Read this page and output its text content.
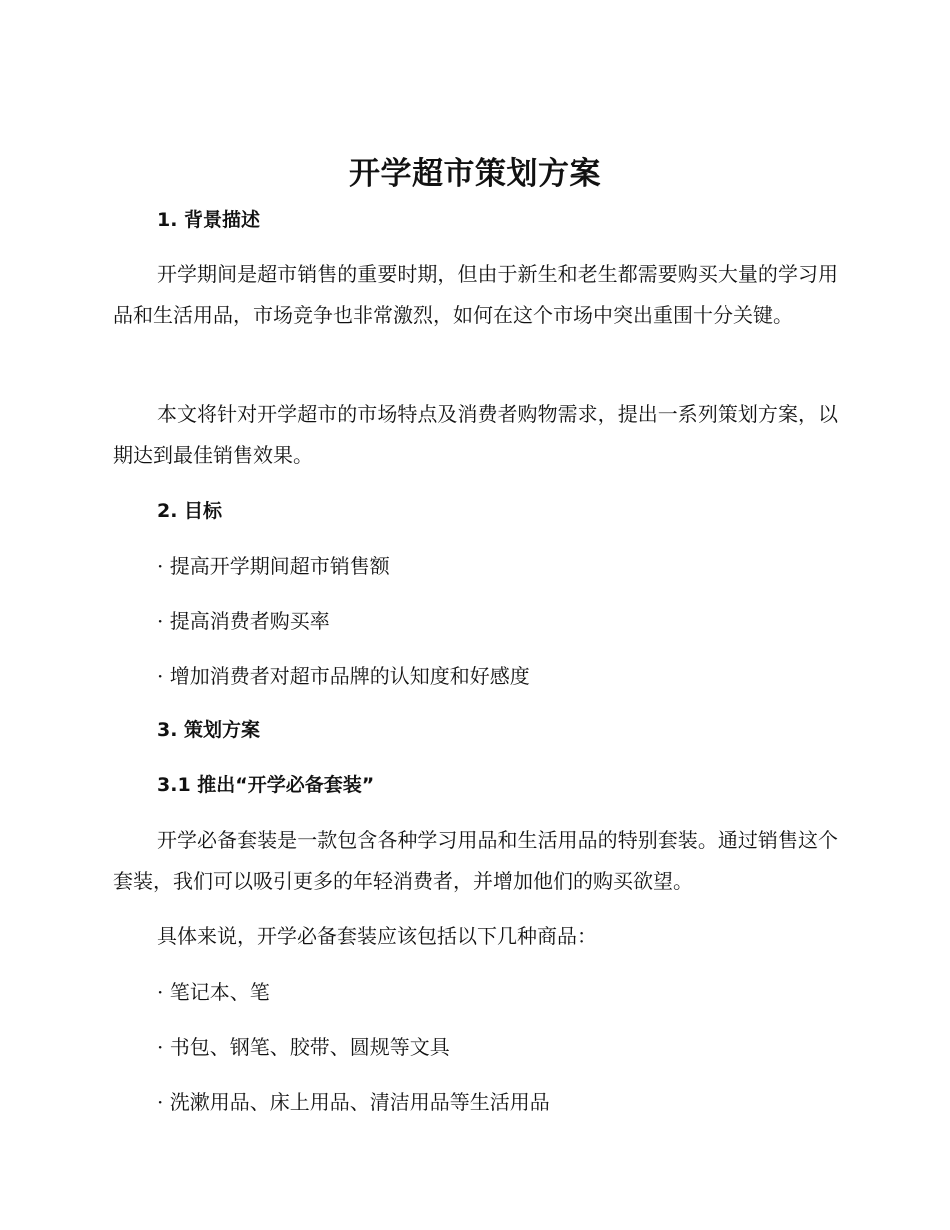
开学超市策划方案
1. 背景描述

开学期间是超市销售的重要时期，但由于新生和老生都需要购买大量的学习用品和生活用品，市场竞争也非常激烈，如何在这个市场中突出重围十分关键。

本文将针对开学超市的市场特点及消费者购物需求，提出一系列策划方案，以期达到最佳销售效果。

2. 目标

· 提高开学期间超市销售额

· 提高消费者购买率

· 增加消费者对超市品牌的认知度和好感度

3. 策划方案
3.1 推出“开学必备套装”

开学必备套装是一款包含各种学习用品和生活用品的特别套装。通过销售这个套装，我们可以吸引更多的年轻消费者，并增加他们的购买欲望。

具体来说，开学必备套装应该包括以下几种商品：

· 笔记本、笔

· 书包、钢笔、胶带、圆规等文具

· 洗漱用品、床上用品、清洁用品等生活用品
